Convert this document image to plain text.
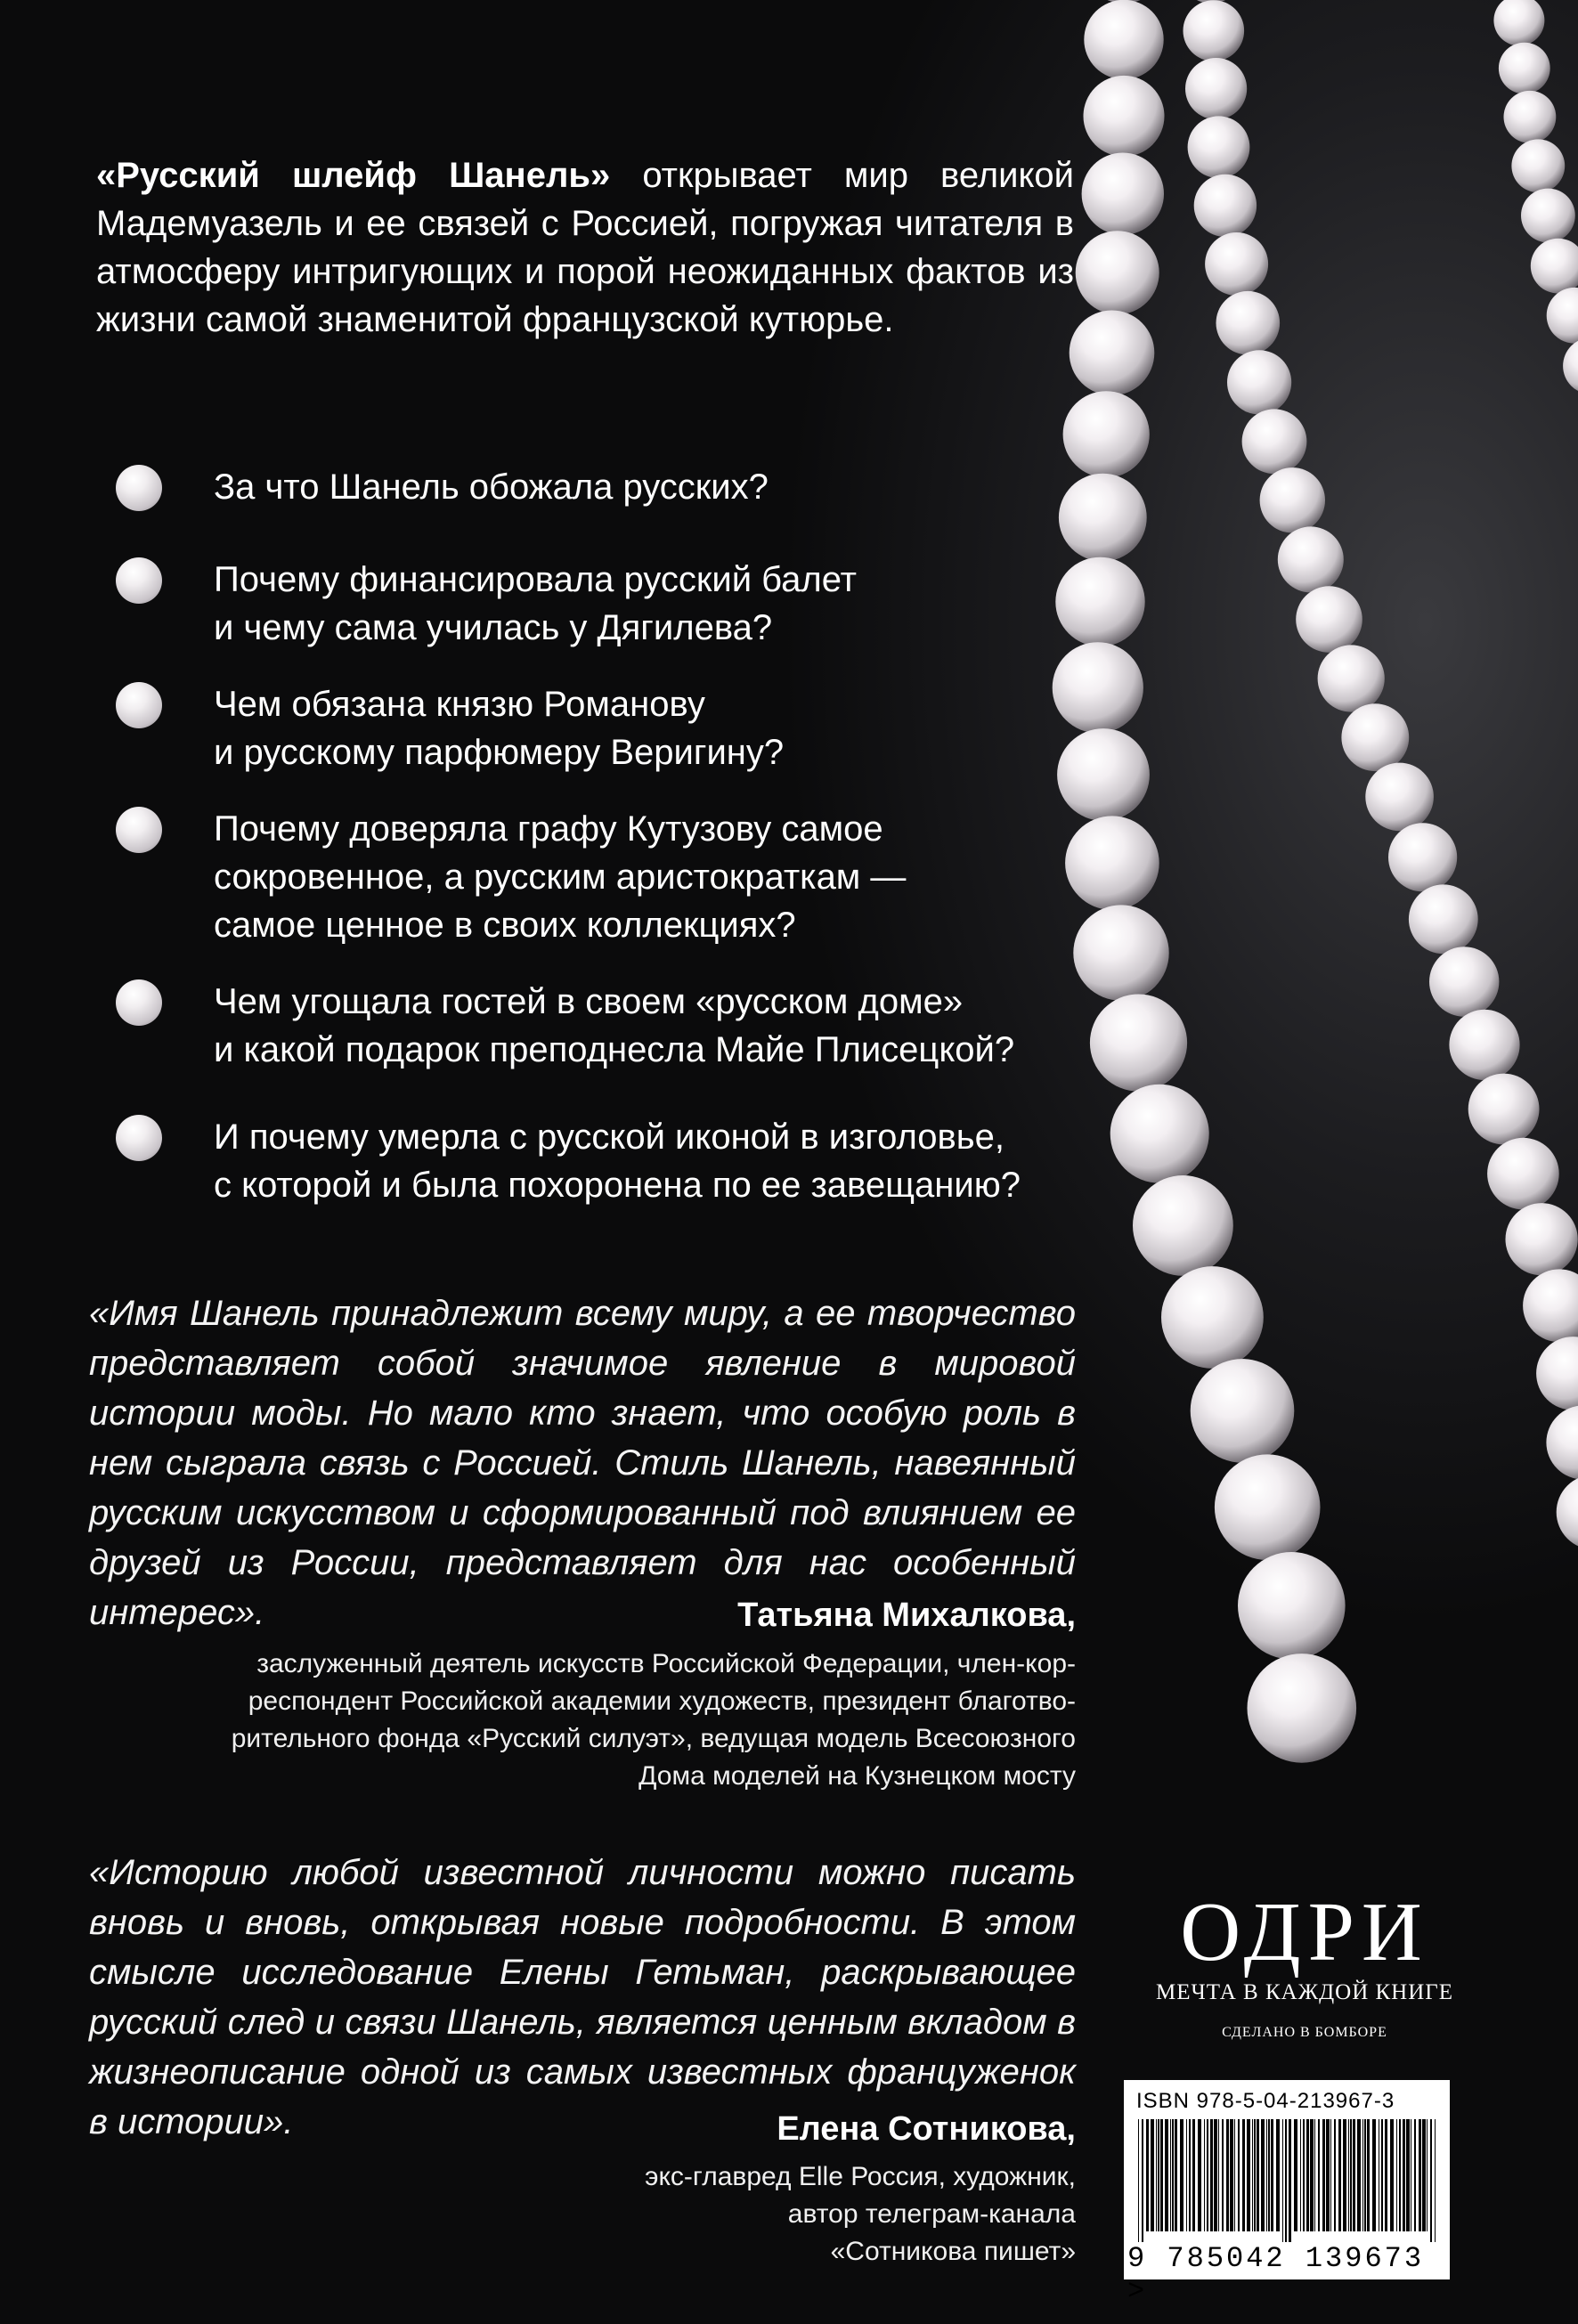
«Русский шлейф Шанель» открывает мир великой Мадемуазель и ее связей с Россией, погружая читателя в атмосферу интригующих и порой неожиданных фактов из жизни самой знаменитой французской кутюрье.
За что Шанель обожала русских?
Почему финансировала русский балет
и чему сама училась у Дягилева?
Чем обязана князю Романову
и русскому парфюмеру Веригину?
Почему доверяла графу Кутузову самое
сокровенное, а русским аристократкам —
самое ценное в своих коллекциях?
Чем угощала гостей в своем «русском доме»
и какой подарок преподнесла Майе Плисецкой?
И почему умерла с русской иконой в изголовье,
с которой и была похоронена по ее завещанию?
«Имя Шанель принадлежит всему миру, а ее творчество представляет собой значимое явление в мировой истории моды. Но мало кто знает, что особую роль в нем сыграла связь с Россией. Стиль Шанель, навеянный русским искусством и сформированный под влиянием ее друзей из России, представляет для нас особенный интерес».	Татьяна Михалкова,
заслуженный деятель искусств Российской Федерации, член-кор-
респондент Российской академии художеств, президент благотво-
рительного фонда «Русский силуэт», ведущая модель Всесоюзного
Дома моделей на Кузнецком мосту
«Историю любой известной личности можно писать вновь и вновь, открывая новые подробности. В этом смысле исследование Елены Гетьман, раскрывающее русский след и связи Шанель, является ценным вкладом в жизнеописание одной из самых известных француженок в истории».	Елена Сотникова,
экс-главред Elle Россия, художник,
автор телеграм-канала
«Сотникова пишет»
ОДРИ
МЕЧТА В КАЖДОЙ КНИГЕ
СДЕЛАНО В БОМБОРЕ
ISBN 978-5-04-213967-3
9 785042 139673 >
